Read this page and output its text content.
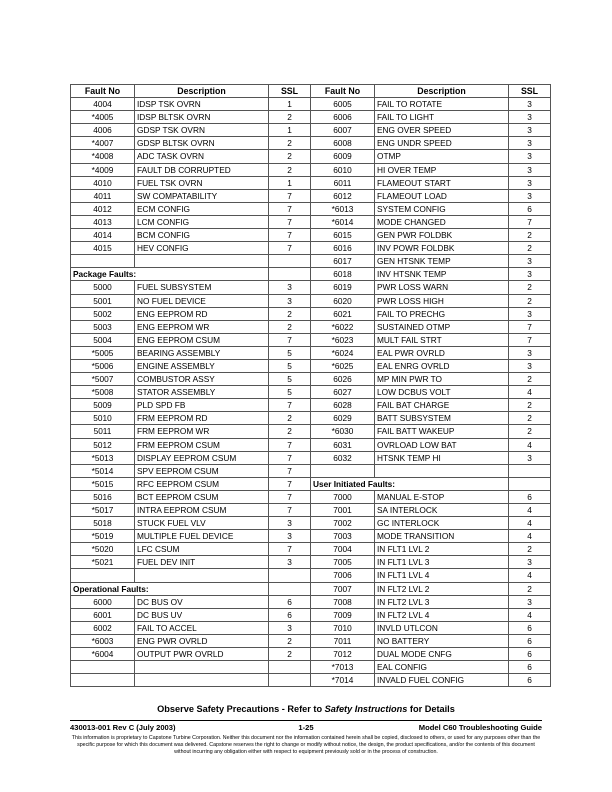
Fault No	Description	SSL	Fault No	Description	SSL
4004	IDSP TSK OVRN	1	6005	FAIL TO ROTATE	3
*4005	IDSP BLTSK OVRN	2	6006	FAIL TO LIGHT	3
4006	GDSP TSK OVRN	1	6007	ENG OVER SPEED	3
*4007	GDSP BLTSK OVRN	2	6008	ENG UNDR SPEED	3
*4008	ADC TASK OVRN	2	6009	OTMP	3
*4009	FAULT DB CORRUPTED	2	6010	HI OVER TEMP	3
4010	FUEL TSK OVRN	1	6011	FLAMEOUT START	3
4011	SW COMPATABILITY	7	6012	FLAMEOUT LOAD	3
4012	ECM CONFIG	7	*6013	SYSTEM CONFIG	6
4013	LCM CONFIG	7	*6014	MODE CHANGED	7
4014	BCM CONFIG	7	6015	GEN PWR FOLDBK	2
4015	HEV CONFIG	7	6016	INV POWR FOLDBK	2
			6017	GEN HTSNK TEMP	3
Package Faults:			6018	INV HTSNK TEMP	3
5000	FUEL SUBSYSTEM	3	6019	PWR LOSS WARN	2
5001	NO FUEL DEVICE	3	6020	PWR LOSS HIGH	2
5002	ENG EEPROM RD	2	6021	FAIL TO PRECHG	3
5003	ENG EEPROM WR	2	*6022	SUSTAINED OTMP	7
5004	ENG EEPROM CSUM	7	*6023	MULT FAIL STRT	7
*5005	BEARING ASSEMBLY	5	*6024	EAL PWR OVRLD	3
*5006	ENGINE ASSEMBLY	5	*6025	EAL ENRG OVRLD	3
*5007	COMBUSTOR ASSY	5	6026	MP MIN PWR TO	2
*5008	STATOR ASSEMBLY	5	6027	LOW DCBUS VOLT	4
5009	PLD SPD FB	7	6028	FAIL BAT CHARGE	2
5010	FRM EEPROM RD	2	6029	BATT SUBSYSTEM	2
5011	FRM EEPROM WR	2	*6030	FAIL BATT WAKEUP	2
5012	FRM EEPROM CSUM	7	6031	OVRLOAD LOW BAT	4
*5013	DISPLAY EEPROM CSUM	7	6032	HTSNK TEMP HI	3
*5014	SPV EEPROM CSUM	7			
*5015	RFC EEPROM CSUM	7	User Initiated Faults:		
5016	BCT EEPROM CSUM	7	7000	MANUAL E-STOP	6
*5017	INTRA EEPROM CSUM	7	7001	SA INTERLOCK	4
5018	STUCK FUEL VLV	3	7002	GC INTERLOCK	4
*5019	MULTIPLE FUEL DEVICE	3	7003	MODE TRANSITION	4
*5020	LFC CSUM	7	7004	IN FLT1 LVL 2	2
*5021	FUEL DEV INIT	3	7005	IN FLT1 LVL 3	3
			7006	IN FLT1 LVL 4	4
Operational Faults:			7007	IN FLT2 LVL 2	2
6000	DC BUS OV	6	7008	IN FLT2 LVL 3	3
6001	DC BUS UV	6	7009	IN FLT2 LVL 4	4
6002	FAIL TO ACCEL	3	7010	INVLD UTLCON	6
*6003	ENG PWR OVRLD	2	7011	NO BATTERY	6
*6004	OUTPUT PWR OVRLD	2	7012	DUAL MODE CNFG	6
			*7013	EAL CONFIG	6
			*7014	INVALD FUEL CONFIG	6
Observe Safety Precautions - Refer to Safety Instructions for Details
430013-001 Rev C (July 2003)	1-25	Model C60 Troubleshooting Guide
This information is proprietary to Capstone Turbine Corporation. Neither this document nor the information contained herein shall be copied, disclosed to others, or used for any purposes other than the specific purpose for which this document was delivered. Capstone reserves the right to change or modify without notice, the design, the product specifications, and/or the contents of this document without incurring any obligation either with respect to equipment previously sold or in the process of construction.
